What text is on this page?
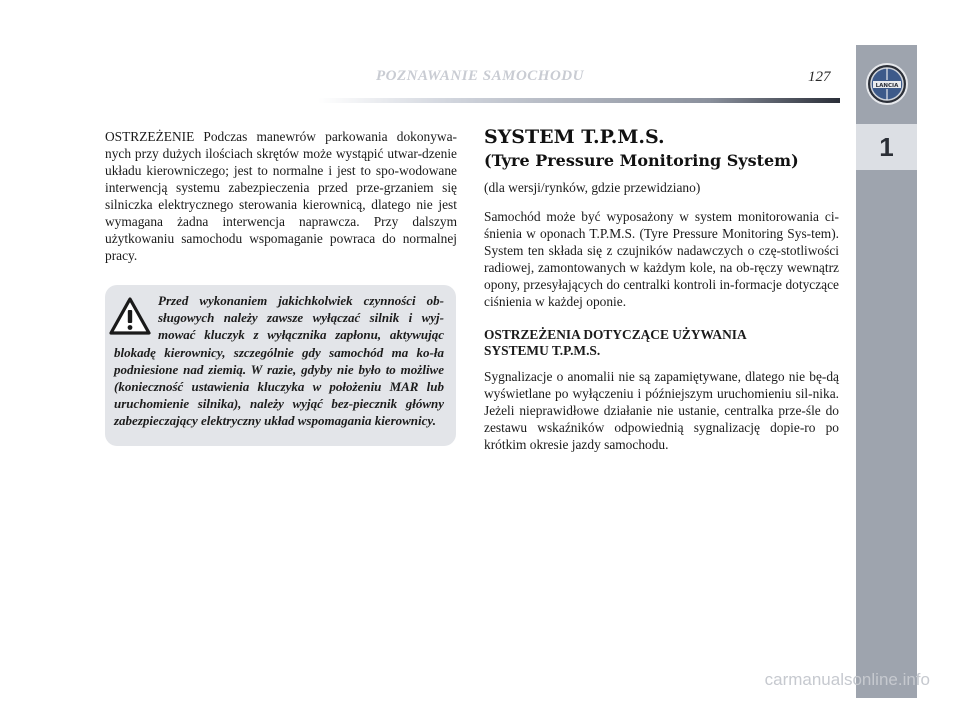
LANCIA
1
POZNAWANIE SAMOCHODU	127
OSTRZEŻENIE Podczas manewrów parkowania dokonywa-nych przy dużych ilościach skrętów może wystąpić utwar-dzenie układu kierowniczego; jest to normalne i jest to spo-wodowane interwencją systemu zabezpieczenia przed prze-grzaniem się silniczka elektrycznego sterowania kierownicą, dlatego nie jest wymagana żadna interwencja naprawcza. Przy dalszym użytkowaniu samochodu wspomaganie powraca do normalnej pracy.
Przed wykonaniem jakichkolwiek czynności ob-sługowych należy zawsze wyłączać silnik i wyj-mować kluczyk z wyłącznika zapłonu, aktywując blokadę kierownicy, szczególnie gdy samochód ma ko-ła podniesione nad ziemią. W razie, gdyby nie było to możliwe (konieczność ustawienia kluczyka w położeniu MAR lub uruchomienie silnika), należy wyjąć bez-piecznik główny zabezpieczający elektryczny układ wspomagania kierownicy.
SYSTEM T.P.M.S.
(Tyre Pressure Monitoring System)
(dla wersji/rynków, gdzie przewidziano)
Samochód może być wyposażony w system monitorowania ci-śnienia w oponach T.P.M.S. (Tyre Pressure Monitoring Sys-tem). System ten składa się z czujników nadawczych o czę-stotliwości radiowej, zamontowanych w każdym kole, na ob-ręczy wewnątrz opony, przesyłających do centralki kontroli in-formacje dotyczące ciśnienia w każdej oponie.
OSTRZEŻENIA DOTYCZĄCE UŻYWANIA SYSTEMU T.P.M.S.
Sygnalizacje o anomalii nie są zapamiętywane, dlatego nie bę-dą wyświetlane po wyłączeniu i późniejszym uruchomieniu sil-nika. Jeżeli nieprawidłowe działanie nie ustanie, centralka prze-śle do zestawu wskaźników odpowiednią sygnalizację dopie-ro po krótkim okresie jazdy samochodu.
carmanualsonline.info
